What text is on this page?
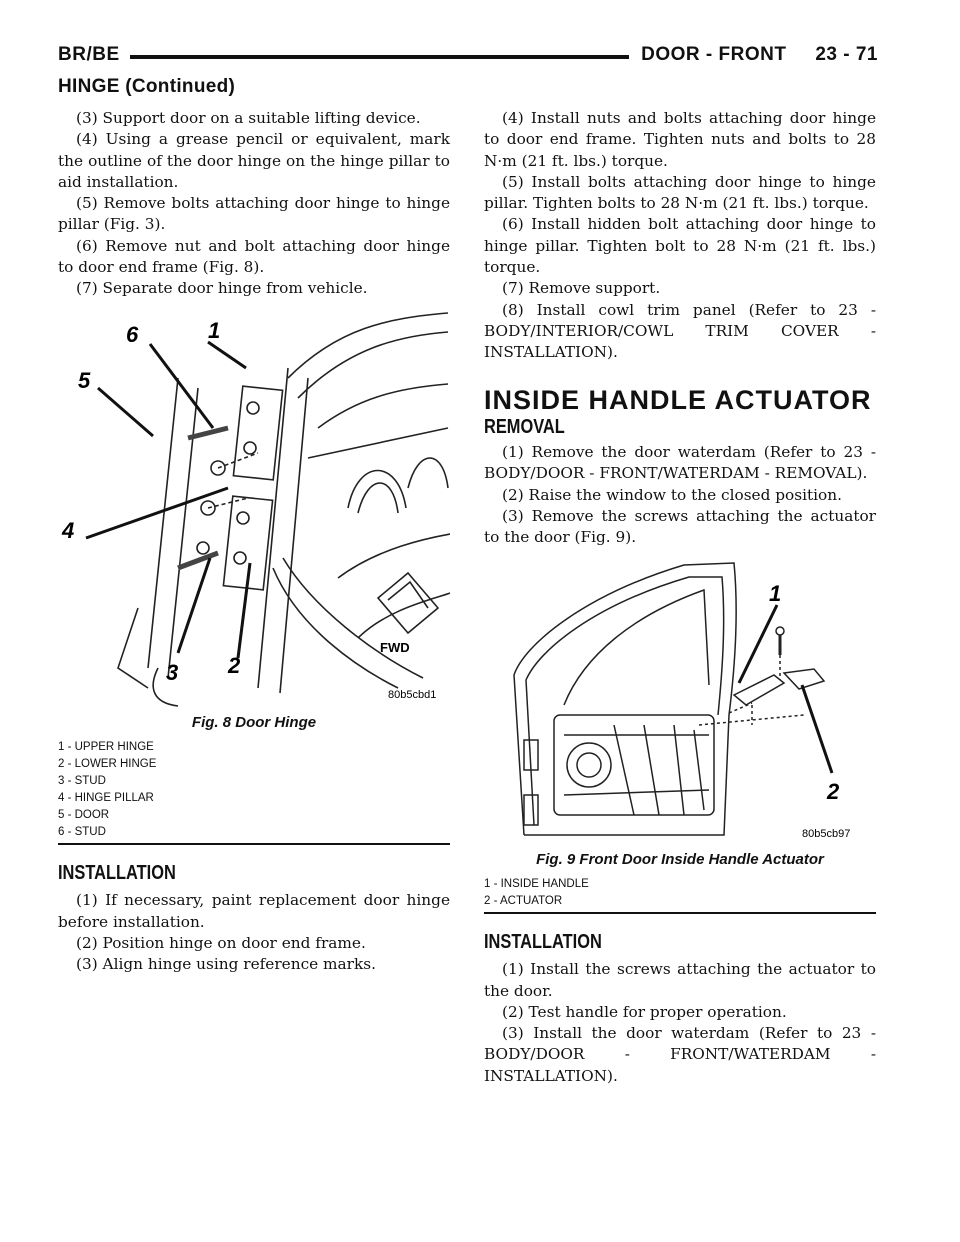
BR/BE	DOOR - FRONT     23 - 71
HINGE (Continued)

(3) Support door on a suitable lifting device.

(4) Using a grease pencil or equivalent, mark the outline of the door hinge on the hinge pillar to aid installation.

(5) Remove bolts attaching door hinge to hinge pillar (Fig. 3).

(6) Remove nut and bolt attaching door hinge to door end frame (Fig. 8).

(7) Separate door hinge from vehicle.

6	1
5
4
3 2
FWD
80b5cbd1
Fig. 8 Door Hinge
1 - UPPER HINGE
2 - LOWER HINGE
3 - STUD
4 - HINGE PILLAR
5 - DOOR
6 - STUD
INSTALLATION

(1) If necessary, paint replacement door hinge before installation.

(2) Position hinge on door end frame.

(3) Align hinge using reference marks.

(4) Install nuts and bolts attaching door hinge to door end frame. Tighten nuts and bolts to 28 N·m (21 ft. lbs.) torque.

(5) Install bolts attaching door hinge to hinge pillar. Tighten bolts to 28 N·m (21 ft. lbs.) torque.

(6) Install hidden bolt attaching door hinge to hinge pillar. Tighten bolt to 28 N·m (21 ft. lbs.) torque.

(7) Remove support.

(8) Install cowl trim panel (Refer to 23 - BODY/INTERIOR/COWL TRIM COVER - INSTALLATION).

INSIDE HANDLE ACTUATOR
REMOVAL

(1) Remove the door waterdam (Refer to 23 - BODY/DOOR - FRONT/WATERDAM - REMOVAL).

(2) Raise the window to the closed position.

(3) Remove the screws attaching the actuator to the door (Fig. 9).

1
2
80b5cb97
Fig. 9 Front Door Inside Handle Actuator
1 - INSIDE HANDLE
2 - ACTUATOR
INSTALLATION

(1) Install the screws attaching the actuator to the door.

(2) Test handle for proper operation.

(3) Install the door waterdam (Refer to 23 - BODY/DOOR - FRONT/WATERDAM - INSTALLATION).
